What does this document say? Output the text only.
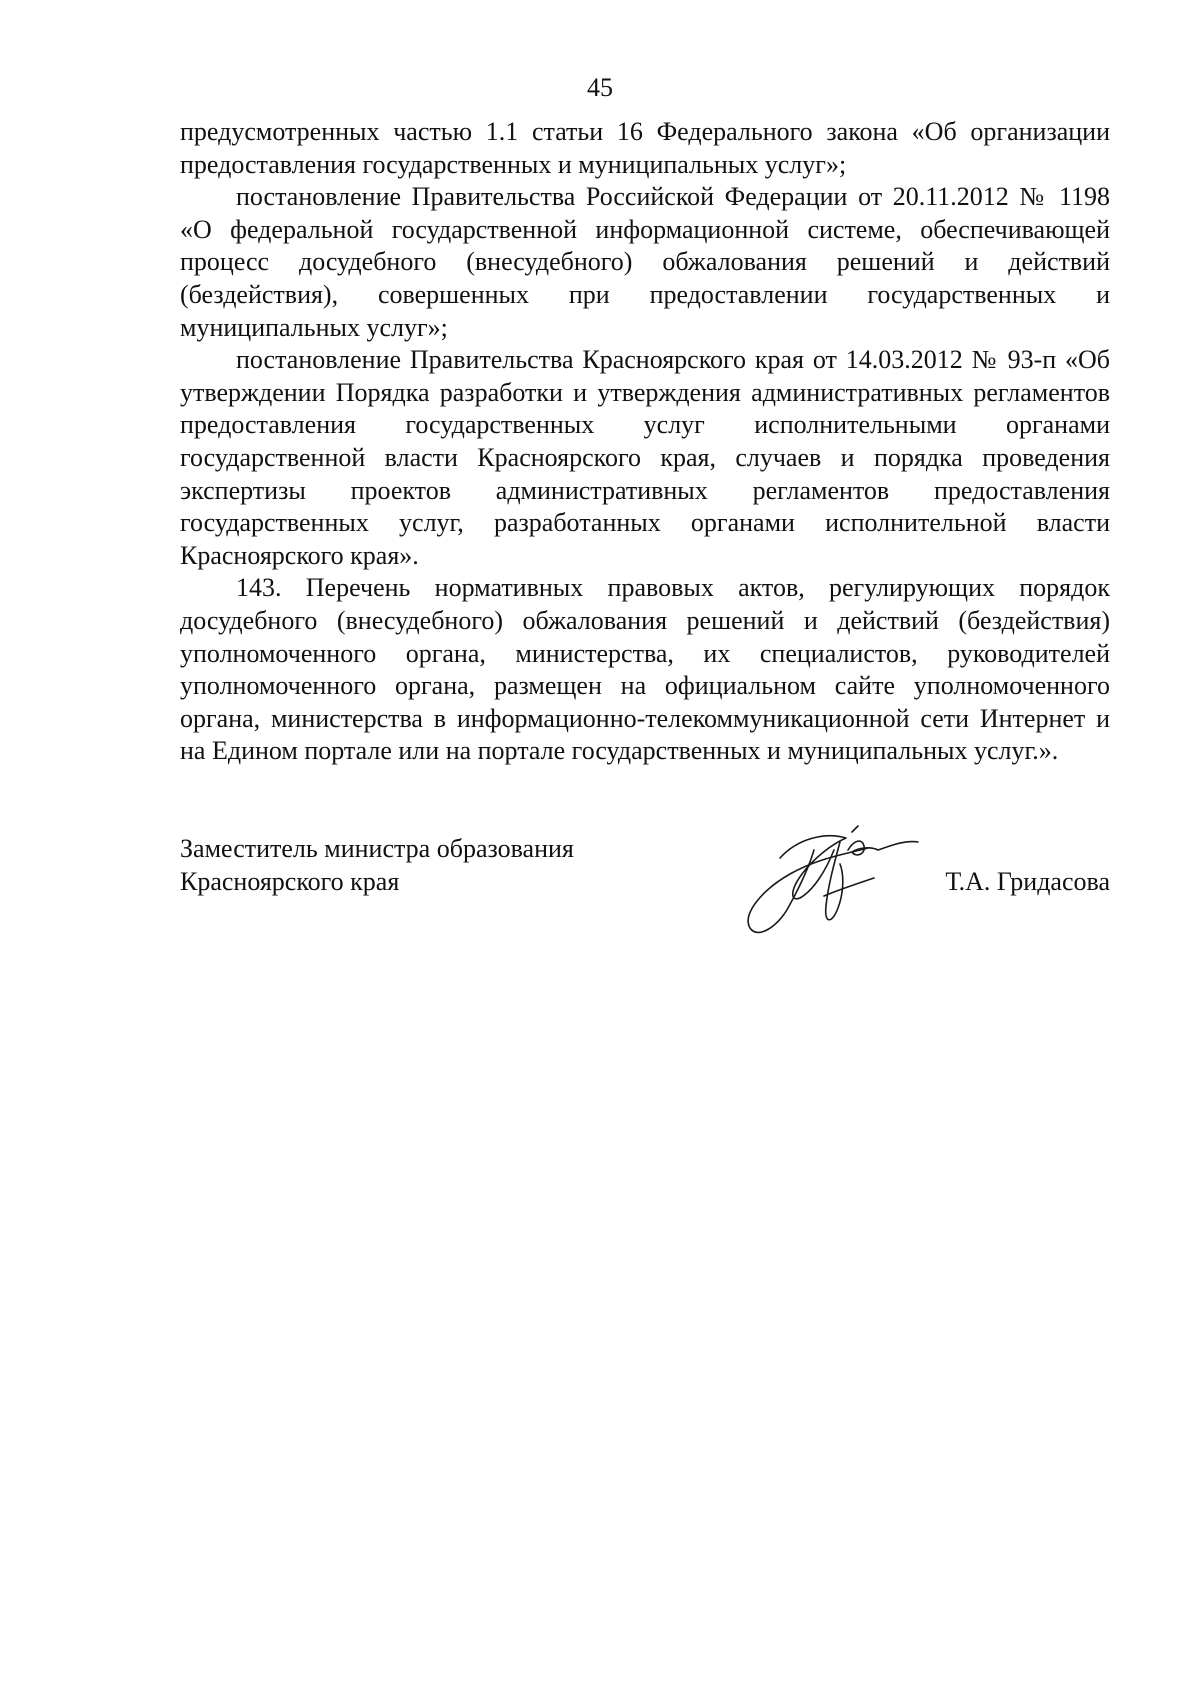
45

предусмотренных частью 1.1 статьи 16 Федерального закона «Об организации предоставления государственных и муниципальных услуг»;

постановление Правительства Российской Федерации от 20.11.2012 № 1198 «О федеральной государственной информационной системе, обеспечивающей процесс досудебного (внесудебного) обжалования решений и действий (бездействия), совершенных при предоставлении государственных и муниципальных услуг»;

постановление Правительства Красноярского края от 14.03.2012 № 93-п «Об утверждении Порядка разработки и утверждения административных регламентов предоставления государственных услуг исполнительными органами государственной власти Красноярского края, случаев и порядка проведения экспертизы проектов административных регламентов предоставления государственных услуг, разработанных органами исполнительной власти Красноярского края».

143. Перечень нормативных правовых актов, регулирующих порядок досудебного (внесудебного) обжалования решений и действий (бездействия) уполномоченного органа, министерства, их специалистов, руководителей уполномоченного органа, размещен на официальном сайте уполномоченного органа, министерства в информационно-телекоммуникационной сети Интернет и на Едином портале или на портале государственных и муниципальных услуг.».

Заместитель министра образования
Красноярского края	Т.А. Гридасова
